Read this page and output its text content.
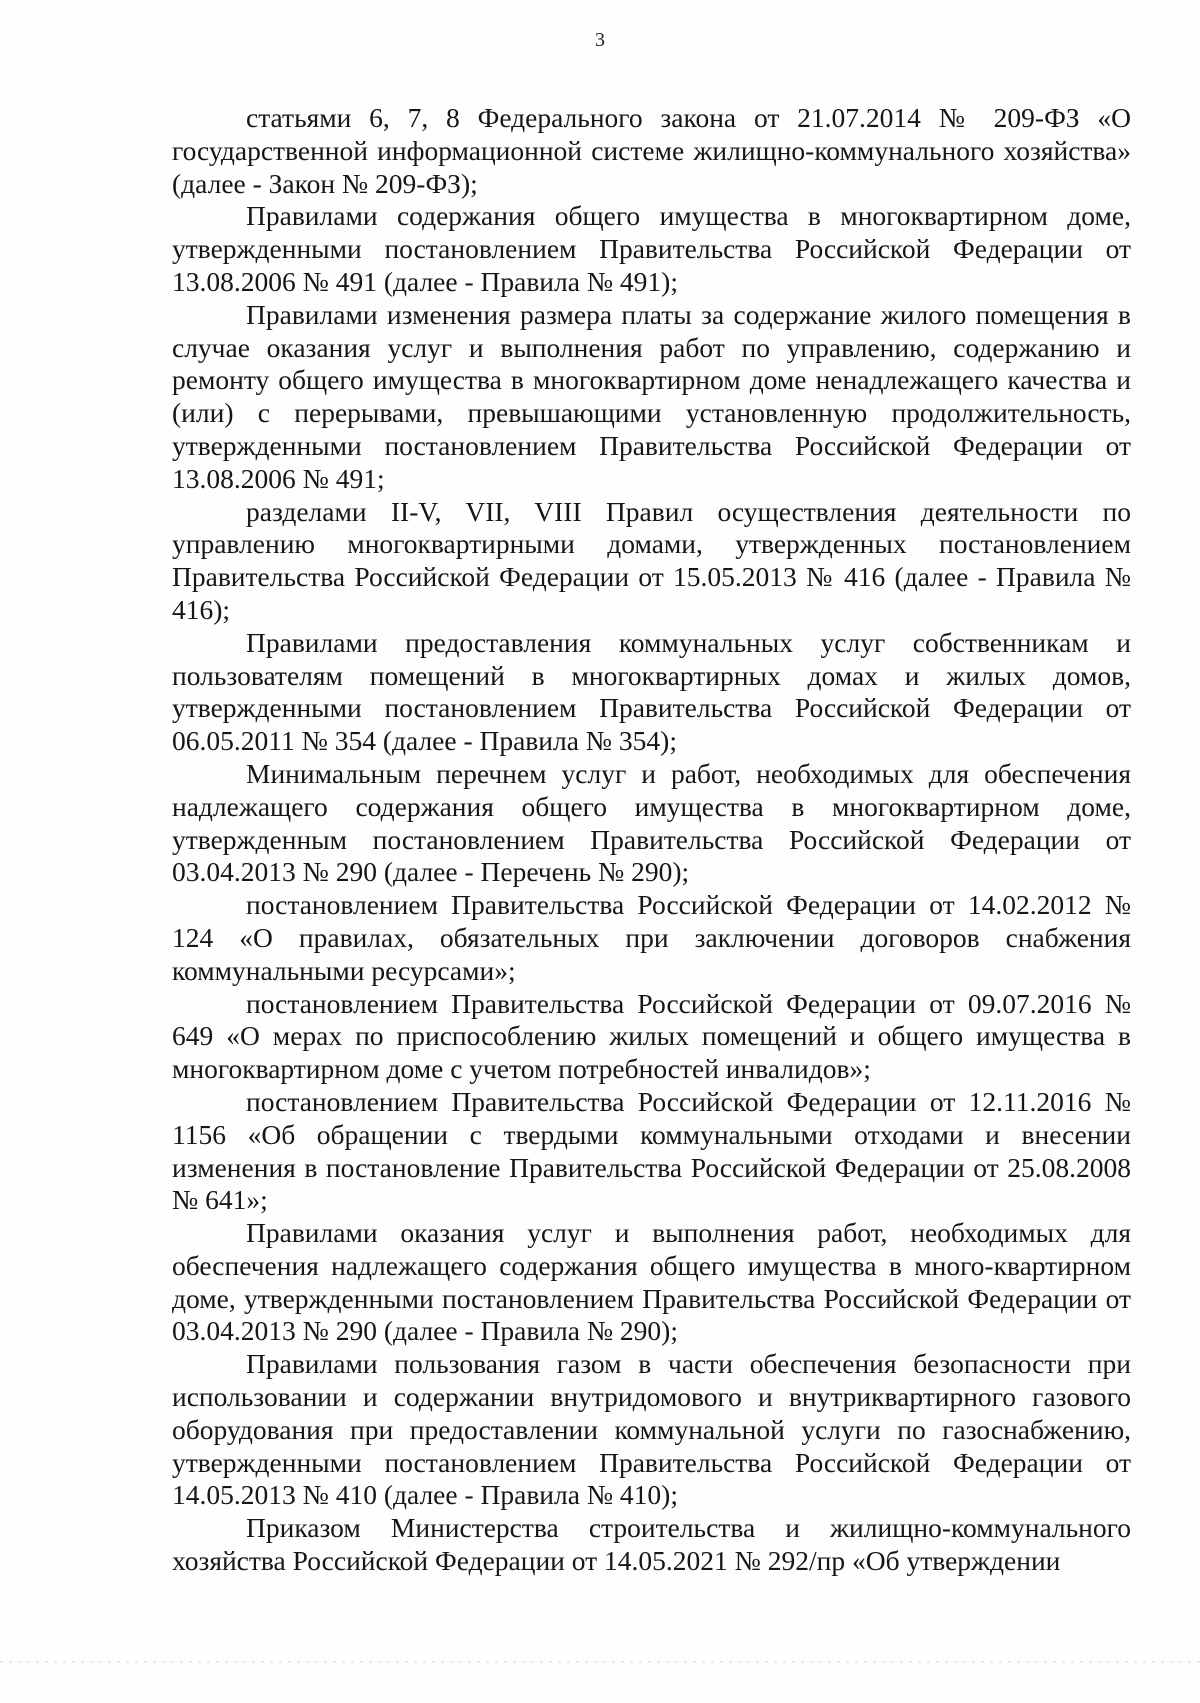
3

статьями 6, 7, 8 Федерального закона от 21.07.2014 № 209-ФЗ «О государственной информационной системе жилищно-коммунального хозяйства» (далее - Закон № 209-ФЗ);

Правилами содержания общего имущества в многоквартирном доме, утвержденными постановлением Правительства Российской Федерации от 13.08.2006 № 491 (далее - Правила № 491);

Правилами изменения размера платы за содержание жилого помещения в случае оказания услуг и выполнения работ по управлению, содержанию и ремонту общего имущества в многоквартирном доме ненадлежащего качества и (или) с перерывами, превышающими установленную продолжительность, утвержденными постановлением Правительства Российской Федерации от 13.08.2006 № 491;

разделами II-V, VII, VIII Правил осуществления деятельности по управлению многоквартирными домами, утвержденных постановлением Правительства Российской Федерации от 15.05.2013 № 416 (далее - Правила № 416);

Правилами предоставления коммунальных услуг собственникам и пользователям помещений в многоквартирных домах и жилых домов, утвержденными постановлением Правительства Российской Федерации от 06.05.2011 № 354 (далее - Правила № 354);

Минимальным перечнем услуг и работ, необходимых для обеспечения надлежащего содержания общего имущества в многоквартирном доме, утвержденным постановлением Правительства Российской Федерации от 03.04.2013 № 290 (далее - Перечень № 290);

постановлением Правительства Российской Федерации от 14.02.2012 № 124 «О правилах, обязательных при заключении договоров снабжения коммунальными ресурсами»;

постановлением Правительства Российской Федерации от 09.07.2016 № 649 «О мерах по приспособлению жилых помещений и общего имущества в многоквартирном доме с учетом потребностей инвалидов»;

постановлением Правительства Российской Федерации от 12.11.2016 № 1156 «Об обращении с твердыми коммунальными отходами и внесении изменения в постановление Правительства Российской Федерации от 25.08.2008 № 641»;

Правилами оказания услуг и выполнения работ, необходимых для обеспечения надлежащего содержания общего имущества в много-квартирном доме, утвержденными постановлением Правительства Российской Федерации от 03.04.2013 № 290 (далее - Правила № 290);

Правилами пользования газом в части обеспечения безопасности при использовании и содержании внутридомового и внутриквартирного газового оборудования при предоставлении коммунальной услуги по газоснабжению, утвержденными постановлением Правительства Российской Федерации от 14.05.2013 № 410 (далее - Правила № 410);

Приказом Министерства строительства и жилищно-коммунального хозяйства Российской Федерации от 14.05.2021 № 292/пр «Об утверждении
